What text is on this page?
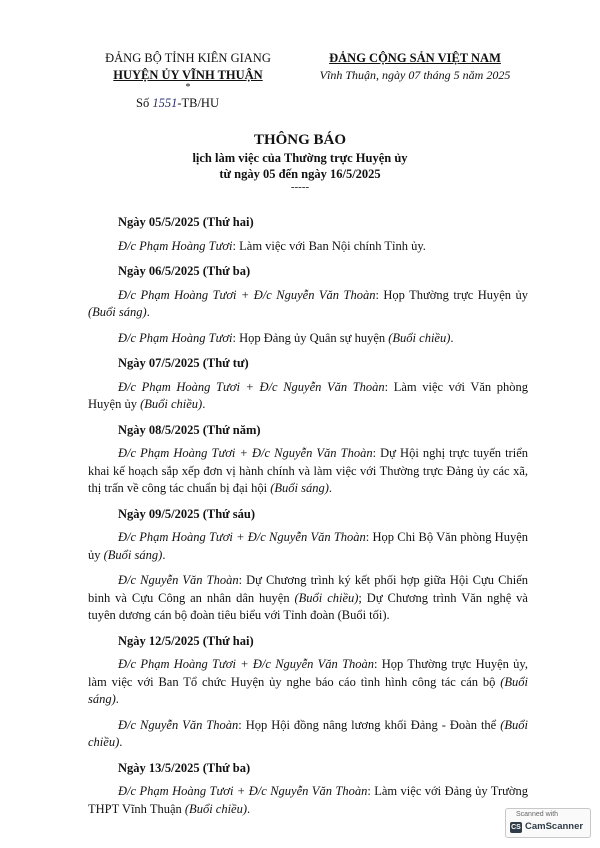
ĐẢNG BỘ TỈNH KIÊN GIANG
HUYỆN ỦY VĨNH THUẬN
*
ĐẢNG CỘNG SẢN VIỆT NAM
Vĩnh Thuận, ngày 07 tháng 5 năm 2025
Số 1551-TB/HU
THÔNG BÁO
lịch làm việc của Thường trực Huyện ủy
từ ngày 05 đến ngày 16/5/2025
-----
Ngày 05/5/2025 (Thứ hai)
Đ/c Phạm Hoàng Tươi: Làm việc với Ban Nội chính Tỉnh ủy.
Ngày 06/5/2025 (Thứ ba)
Đ/c Phạm Hoàng Tươi + Đ/c Nguyễn Văn Thoàn: Họp Thường trực Huyện ủy (Buổi sáng).
Đ/c Phạm Hoàng Tươi: Họp Đảng ủy Quân sự huyện (Buổi chiều).
Ngày 07/5/2025 (Thứ tư)
Đ/c Phạm Hoàng Tươi + Đ/c Nguyễn Văn Thoàn: Làm việc với Văn phòng Huyện ủy (Buổi chiều).
Ngày 08/5/2025 (Thứ năm)
Đ/c Phạm Hoàng Tươi + Đ/c Nguyễn Văn Thoàn: Dự Hội nghị trực tuyến triển khai kế hoạch sắp xếp đơn vị hành chính và làm việc với Thường trực Đảng ủy các xã, thị trấn về công tác chuẩn bị đại hội (Buổi sáng).
Ngày 09/5/2025 (Thứ sáu)
Đ/c Phạm Hoàng Tươi + Đ/c Nguyễn Văn Thoàn: Họp Chi Bộ Văn phòng Huyện ủy (Buổi sáng).
Đ/c Nguyễn Văn Thoàn: Dự Chương trình ký kết phối hợp giữa Hội Cựu Chiến binh và Cựu Công an nhân dân huyện (Buổi chiều); Dự Chương trình Văn nghệ và tuyên dương cán bộ đoàn tiêu biểu với Tỉnh đoàn (Buổi tối).
Ngày 12/5/2025 (Thứ hai)
Đ/c Phạm Hoàng Tươi + Đ/c Nguyễn Văn Thoàn: Họp Thường trực Huyện ủy, làm việc với Ban Tổ chức Huyện ủy nghe báo cáo tình hình công tác cán bộ (Buổi sáng).
Đ/c Nguyễn Văn Thoàn: Họp Hội đồng nâng lương khối Đảng - Đoàn thể (Buổi chiều).
Ngày 13/5/2025 (Thứ ba)
Đ/c Phạm Hoàng Tươi + Đ/c Nguyễn Văn Thoàn: Làm việc với Đảng ủy Trường THPT Vĩnh Thuận (Buổi chiều).	Scanned with
CS CamScanner
